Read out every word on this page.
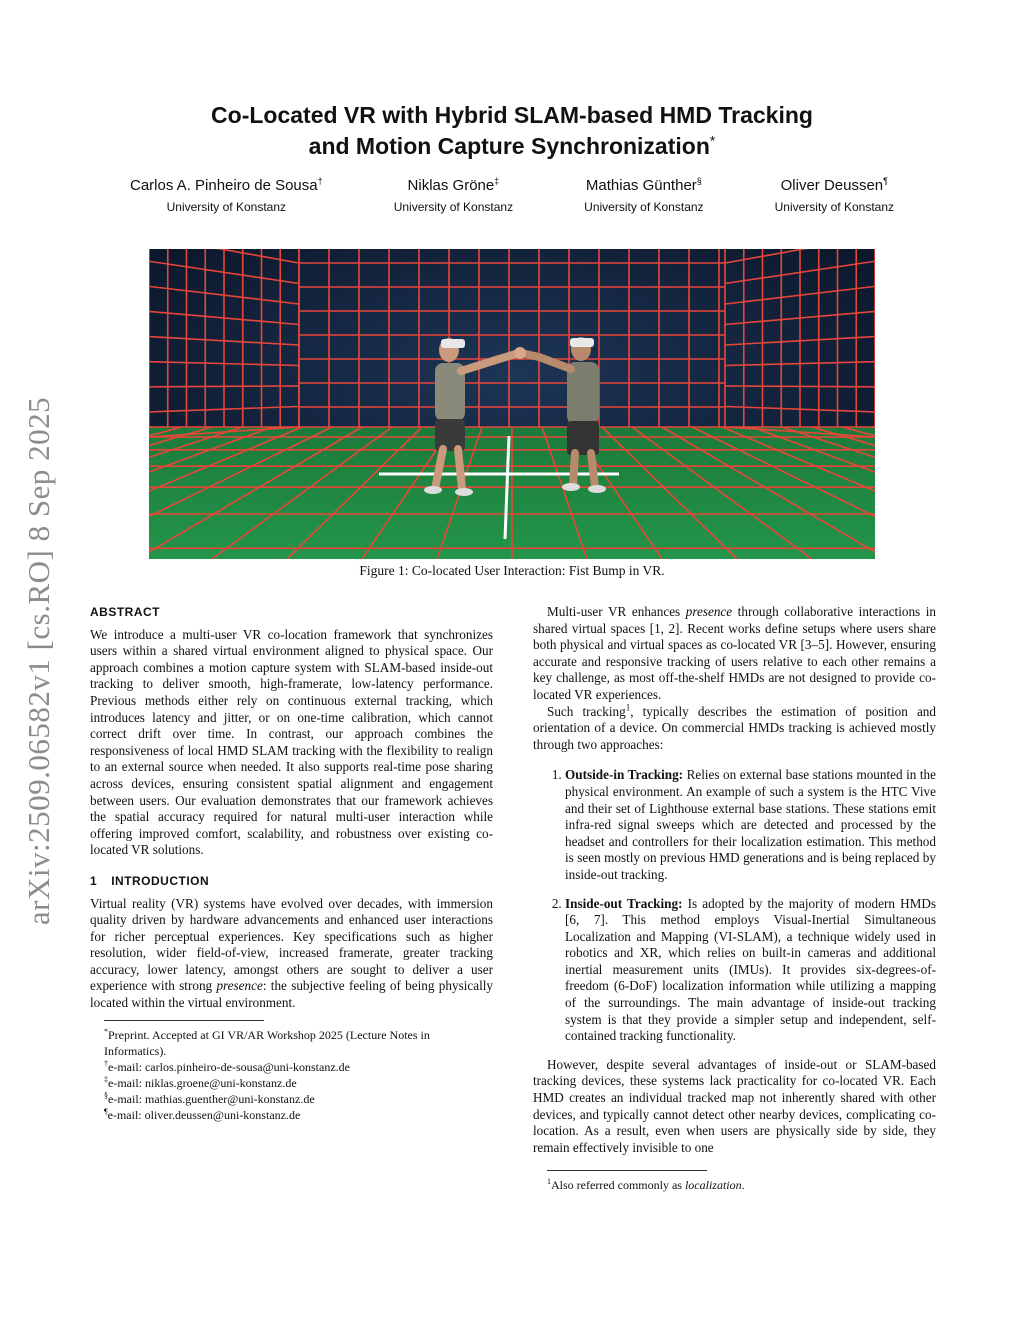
arXiv:2509.06582v1 [cs.RO] 8 Sep 2025
Co-Located VR with Hybrid SLAM-based HMD Tracking
and Motion Capture Synchronization*
Carlos A. Pinheiro de Sousa†
University of Konstanz
Niklas Gröne‡
University of Konstanz
Mathias Günther§
University of Konstanz
Oliver Deussen¶
University of Konstanz
Figure 1: Co-located User Interaction: Fist Bump in VR.
ABSTRACT

We introduce a multi-user VR co-location framework that synchronizes users within a shared virtual environment aligned to physical space. Our approach combines a motion capture system with SLAM-based inside-out tracking to deliver smooth, high-framerate, low-latency performance. Previous methods either rely on continuous external tracking, which introduces latency and jitter, or on one-time calibration, which cannot correct drift over time. In contrast, our approach combines the responsiveness of local HMD SLAM tracking with the flexibility to realign to an external source when needed. It also supports real-time pose sharing across devices, ensuring consistent spatial alignment and engagement between users. Our evaluation demonstrates that our framework achieves the spatial accuracy required for natural multi-user interaction while offering improved comfort, scalability, and robustness over existing co-located VR solutions.

1 INTRODUCTION

Virtual reality (VR) systems have evolved over decades, with immersion quality driven by hardware advancements and enhanced user interactions for richer perceptual experiences. Key specifications such as higher resolution, wider field-of-view, increased framerate, greater tracking accuracy, lower latency, amongst others are sought to deliver a user experience with strong presence: the subjective feeling of being physically located within the virtual environment.

*Preprint. Accepted at GI VR/AR Workshop 2025 (Lecture Notes in Informatics).
†e-mail: carlos.pinheiro-de-sousa@uni-konstanz.de
‡e-mail: niklas.groene@uni-konstanz.de
§e-mail: mathias.guenther@uni-konstanz.de
¶e-mail: oliver.deussen@uni-konstanz.de

Multi-user VR enhances presence through collaborative interactions in shared virtual spaces [1, 2]. Recent works define setups where users share both physical and virtual spaces as co-located VR [3–5]. However, ensuring accurate and responsive tracking of users relative to each other remains a key challenge, as most off-the-shelf HMDs are not designed to provide co-located VR experiences.

Such tracking$^1$, typically describes the estimation of position and orientation of a device. On commercial HMDs tracking is achieved mostly through two approaches:

1. Outside-in Tracking: Relies on external base stations mounted in the physical environment. An example of such a system is the HTC Vive and their set of Lighthouse external base stations. These stations emit infra-red signal sweeps which are detected and processed by the headset and controllers for their localization estimation. This method is seen mostly on previous HMD generations and is being replaced by inside-out tracking.
2. Inside-out Tracking: Is adopted by the majority of modern HMDs [6, 7]. This method employs Visual-Inertial Simultaneous Localization and Mapping (VI-SLAM), a technique widely used in robotics and XR, which relies on built-in cameras and additional inertial measurement units (IMUs). It provides six-degrees-of-freedom (6-DoF) localization information while utilizing a mapping of the surroundings. The main advantage of inside-out tracking system is that they provide a simpler setup and independent, self-contained tracking functionality.

However, despite several advantages of inside-out or SLAM-based tracking devices, these systems lack practicality for co-located VR. Each HMD creates an individual tracked map not inherently shared with other devices, and typically cannot detect other nearby devices, complicating co-location. As a result, even when users are physically side by side, they remain effectively invisible to one

$^1$Also referred commonly as localization.
